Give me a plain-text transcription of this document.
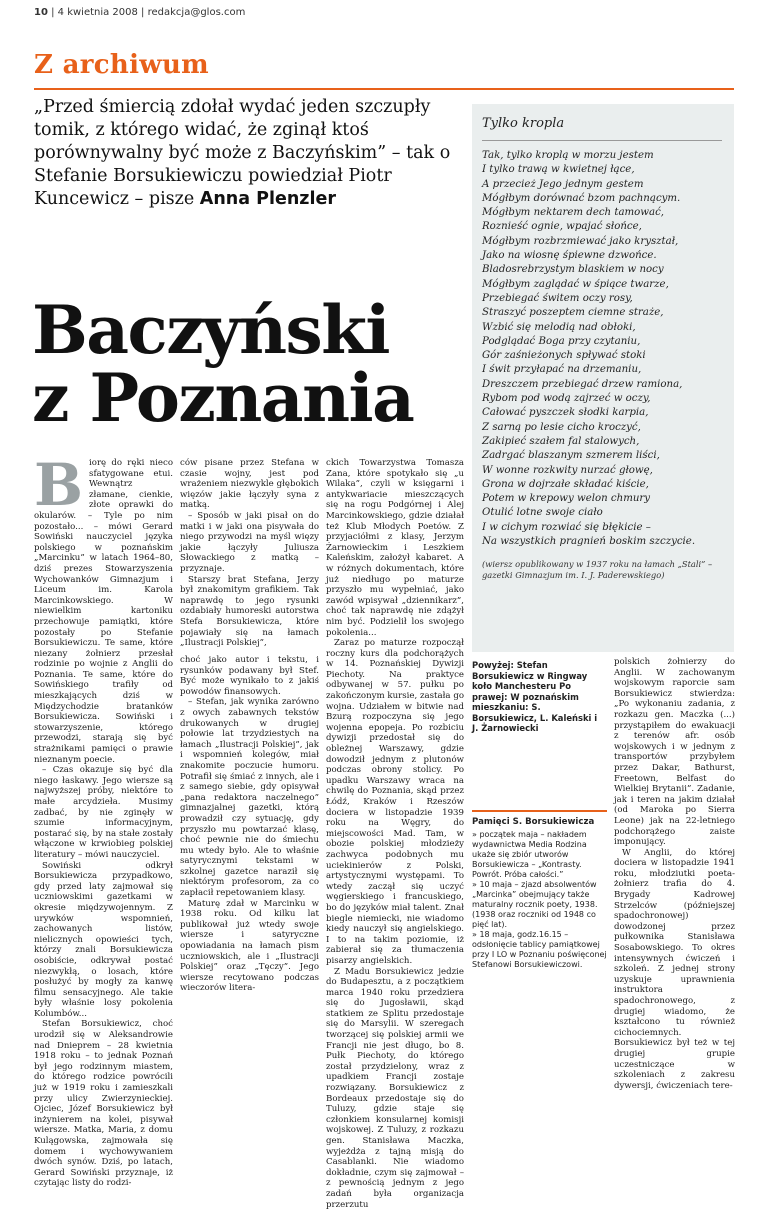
10 | 4 kwietnia 2008 | redakcja@glos.com
Z archiwum
„Przed śmiercią zdołał wydać jeden szczupły tomik, z którego widać, że zginął ktoś porównywalny być może z Baczyńskim” – tak o Stefanie Borsukiewiczu powiedział Piotr Kuncewicz – pisze Anna Plenzler
Baczyński
z Poznania

Biorę do ręki nieco sfatygowane etui. Wewnątrz złamane, cienkie, złote oprawki do okularów. – Tyle po nim pozostało... – mówi Gerard Sowiński nauczyciel języka polskiego w poznańskim „Marcinku” w latach 1964–80, dziś prezes Stowarzyszenia Wychowanków Gimnazjum i Liceum im. Karola Marcinkowskiego. W niewielkim kartoniku przechowuje pamiątki, które pozostały po Stefanie Borsukiewiczu. Te same, które niezany żołnierz przesłał rodzinie po wojnie z Anglii do Poznania. Te same, które do Sowińskiego trafiły od mieszkających dziś w Międzychodzie bratanków Borsukiewicza. Sowiński i stowarzyszenie, którego przewodzi, starają się być strażnikami pamięci o prawie nieznanym poecie.

– Czas okazuje się być dla niego łaskawy. Jego wiersze są najwyższej próby, niektóre to małe arcydzieła. Musimy zadbać, by nie zginęły w szumie informacyjnym, postarać się, by na stałe zostały włączone w krwiobieg polskiej literatury – mówi nauczyciel.

Sowiński odkrył Borsukiewicza przypadkowo, gdy przed laty zajmował się uczniowskimi gazetkami w okresie międzywojennym. Z urywków wspomnień, zachowanych listów, nielicznych opowieści tych, którzy znali Borsukiewicza osobiście, odkrywał postać niezwykłą, o losach, które posłużyć by mogły za kanwę filmu sensacyjnego. Ale takie były właśnie losy pokolenia Kolumbów...

Stefan Borsukiewicz, choć urodził się w Aleksandrowie nad Dnieprem – 28 kwietnia 1918 roku – to jednak Poznań był jego rodzinnym miastem, do którego rodzice powrócili już w 1919 roku i zamieszkali przy ulicy Zwierzynieckiej. Ojciec, Józef Borsukiewicz był inżynierem na kolei, pisywał wiersze. Matka, Maria, z domu Kulągowska, zajmowała się domem i wychowywaniem dwóch synów. Dziś, po latach, Gerard Sowiński przyznaje, iż czytając listy do rodzi-

ców pisane przez Stefana w czasie wojny, jest pod wrażeniem niezwykle głębokich więzów jakie łączyły syna z matką.

– Sposób w jaki pisał on do matki i w jaki ona pisywała do niego przywodzi na myśl więzy jakie łączyły Juliusza Słowackiego z matką – przyznaje.

Starszy brat Stefana, Jerzy był znakomitym grafikiem. Tak naprawdę to jego rysunki ozdabiały humoreski autorstwa Stefa Borsukiewicza, które pojawiały się na łamach „Ilustracji Polskiej”,

choć jako autor i tekstu, i rysunków podawany był Stef. Być może wynikało to z jakiś powodów finansowych.

– Stefan, jak wynika zarówno z owych zabawnych tekstów drukowanych w drugiej połowie lat trzydziestych na łamach „Ilustracji Polskiej”, jak i wspomnień kolegów, miał znakomite poczucie humoru. Potrafił się śmiać z innych, ale i z samego siebie, gdy opisywał „pana redaktora naczelnego” gimnazjalnej gazetki, którą prowadził czy sytuację, gdy przyszło mu powtarzać klasę, choć pewnie nie do śmiechu mu wtedy było. Ale to właśnie satyrycznymi tekstami w szkolnej gazetce naraził się niektórym profesorom, za co zapłacił repetowaniem klasy.

Maturę zdał w Marcinku w 1938 roku. Od kilku lat publikował już wtedy swoje wiersze i satyryczne opowiadania na łamach pism uczniowskich, ale i „Ilustracji Polskiej” oraz „Tęczy”. Jego wiersze recytowano podczas wieczorów litera-

ckich Towarzystwa Tomasza Zana, które spotykało się „u Wilaka”, czyli w księgarni i antykwariacie mieszczących się na rogu Podgórnej i Alej Marcinkowskiego, gdzie działał też Klub Młodych Poetów. Z przyjaciółmi z klasy, Jerzym Żarnowieckim i Leszkiem Kaleńskim, założył kabaret. A w różnych dokumentach, które już niedługo po maturze przyszło mu wypełniać, jako zawód wpisywał „dziennikarz”, choć tak naprawdę nie zdążył nim być. Podzielił los swojego pokolenia...

Zaraz po maturze rozpoczął roczny kurs dla podchorążych w 14. Poznańskiej Dywizji Piechoty. Na praktyce odbywanej w 57. pułku po zakończonym kursie, zastała go wojna. Udziałem w bitwie nad Bzurą rozpoczyna się jego wojenna epopeja. Po rozbiciu dywizji przedostał się do obleżnej Warszawy, gdzie dowodził jednym z plutonów podczas obrony stolicy. Po upadku Warszawy wraca na chwilę do Poznania, skąd przez Łódź, Kraków i Rzeszów dociera w listopadzie 1939 roku na Węgry, do miejscowości Mad. Tam, w obozie polskiej młodzieży zachwyca podobnych mu uciekinierów z Polski, artystycznymi występami. To wtedy zaczął się uczyć węgierskiego i francuskiego, bo do języków miał talent. Znał biegle niemiecki, nie wiadomo kiedy nauczył się angielskiego. I to na takim poziomie, iż zabierał się za tłumaczenia pisarzy angielskich.

Z Madu Borsukiewicz jedzie do Budapesztu, a z początkiem marca 1940 roku przedziera się do Jugosławii, skąd statkiem ze Splitu przedostaje się do Marsylii. W szeregach tworzącej się polskiej armii we Francji nie jest długo, bo 8. Pułk Piechoty, do którego został przydzielony, wraz z upadkiem Francji zostaje rozwiązany. Borsukiewicz z Bordeaux przedostaje się do Tuluzy, gdzie staje się członkiem konsularnej komisji wojskowej. Z Tuluzy, z rozkazu gen. Stanisława Maczka, wyjeżdża z tajną misją do Casablanki. Nie wiadomo dokładnie, czym się zajmował – z pewnością jednym z jego zadań była organizacja przerzutu

Tylko kropla
Tak, tylko kroplą w morzu jestem
I tylko trawą w kwietnej łące,
A przecież Jego jednym gestem
Mógłbym dorównać bzom pachnącym.
Mógłbym nektarem dech tamować,
Roznieść ognie, wpajać słońce,
Mógłbym rozbrzmiewać jako kryształ,
Jako na wiosnę śpiewne dzwońce.
Bladosrebrzystym blaskiem w nocy
Mógłbym zaglądać w śpiące twarze,
Przebiegać świtem oczy rosy,
Straszyć poszeptem ciemne straże,
Wzbić się melodią nad obłoki,
Podglądać Boga przy czytaniu,
Gór zaśnieżonych spływać stoki
I świt przyłapać na drzemaniu,
Dreszczem przebiegać drzew ramiona,
Rybom pod wodą zajrzeć w oczy,
Całować pyszczek słodki karpia,
Z sarną po lesie cicho kroczyć,
Zakipieć szałem fal stalowych,
Zadrgać blaszanym szmerem liści,
W wonne rozkwity nurzać głowę,
Grona w dojrzałe składać kiście,
Potem w krepowy welon chmury
Otulić lotne swoje ciało
I w cichym rozwiać się błękicie –
Na wszystkich pragnień boskim szczycie.
(wiersz opublikowany w 1937 roku na łamach „Stali” – gazetki Gimnazjum im. I. J. Paderewskiego)
Powyżej: Stefan Borsukiewicz w Ringway koło Manchesteru Po prawej: W poznańskim mieszkaniu: S. Borsukiewicz, L. Kaleński i J. Żarnowiecki
Pamięci S. Borsukiewicza
» początek maja – nakładem wydawnictwa Media Rodzina ukaże się zbiór utworów Borsukiewicza – „Kontrasty. Powrót. Próba całości.”
» 10 maja – zjazd absolwentów „Marcinka” obejmujący także maturalny rocznik poety, 1938. (1938 oraz roczniki od 1948 co pięć lat).
» 18 maja, godz.16.15 – odsłonięcie tablicy pamiątkowej przy I LO w Poznaniu poświęconej Stefanowi Borsukiewiczowi.

polskich żołnierzy do Anglii. W zachowanym wojskowym raporcie sam Borsukiewicz stwierdza: „Po wykonaniu zadania, z rozkazu gen. Maczka (...) przystąpiłem do ewakuacji z terenów afr. osób wojskowych i w jednym z transportów przybyłem przez Dakar, Bathurst, Freetown, Belfast do Wielkiej Brytanii”. Zadanie, jak i teren na jakim działał (od Maroka po Sierra Leone) jak na 22-letniego podchorążego zaiste imponujący.

W Anglii, do której dociera w listopadzie 1941 roku, młodziutki poeta-żołnierz trafia do 4. Brygady Kadrowej Strzelców (późniejszej spadochronowej) dowodzonej przez pułkownika Stanisława Sosabowskiego. To okres intensywnych ćwiczeń i szkoleń. Z jednej strony uzyskuje uprawnienia instruktora spadochronowego, z drugiej wiadomo, że kształcono tu również cichociemnych. Borsukiewicz był też w tej drugiej grupie uczestniczące w szkoleniach z zakresu dywersji, ćwiczeniach tere-
